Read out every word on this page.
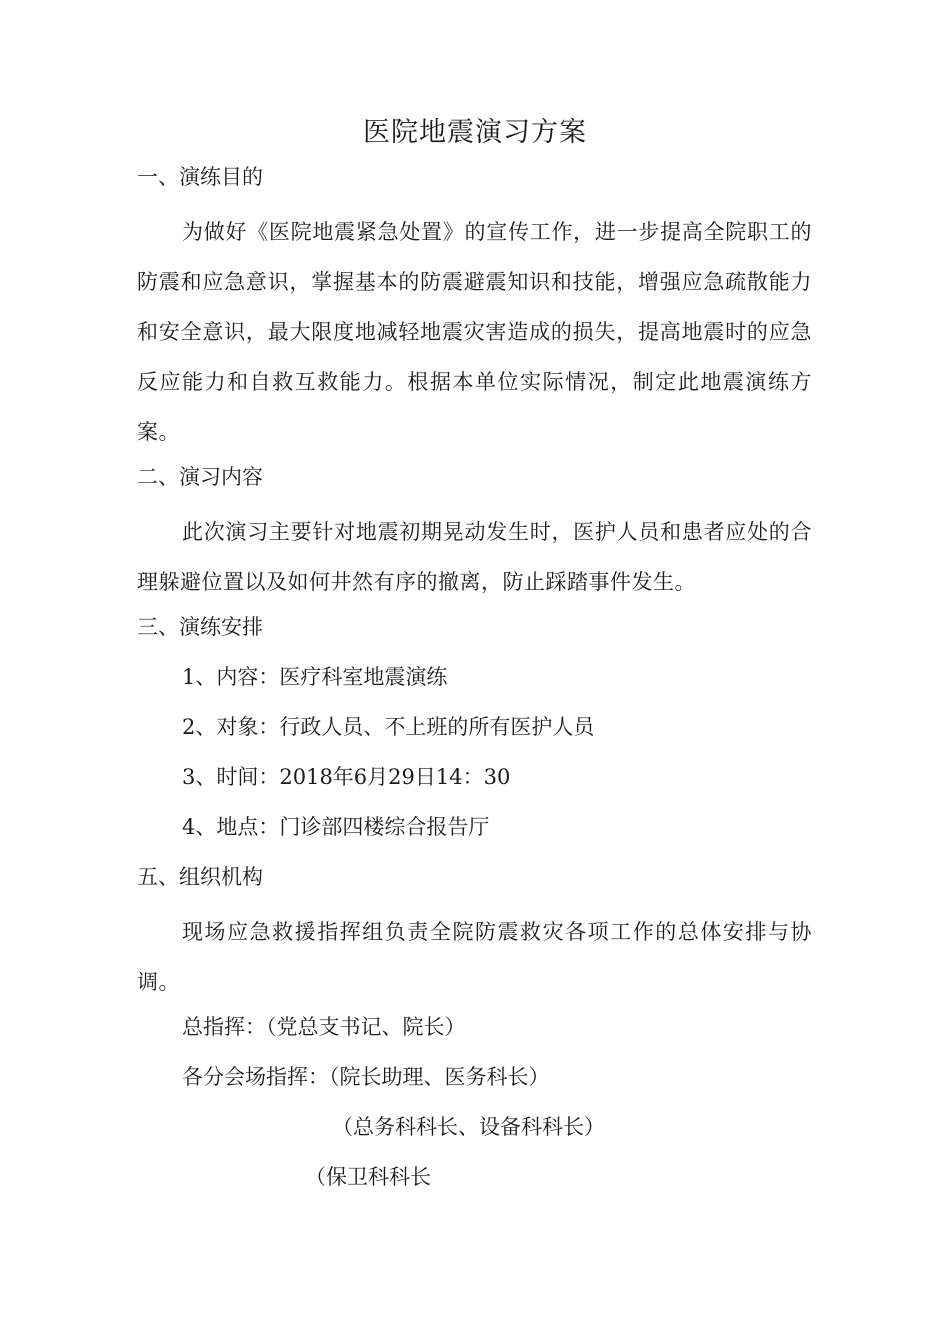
医院地震演习方案
一、演练目的
为做好《医院地震紧急处置》的宣传工作，进一步提高全院职工的防震和应急意识，掌握基本的防震避震知识和技能，增强应急疏散能力和安全意识，最大限度地减轻地震灾害造成的损失，提高地震时的应急反应能力和自救互救能力。根据本单位实际情况，制定此地震演练方案。
二、演习内容
此次演习主要针对地震初期晃动发生时，医护人员和患者应处的合理躲避位置以及如何井然有序的撤离，防止踩踏事件发生。
三、演练安排
1、内容：医疗科室地震演练
2、对象：行政人员、不上班的所有医护人员
3、时间：2018年6月29日14：30
4、地点：门诊部四楼综合报告厅
五、组织机构
现场应急救援指挥组负责全院防震救灾各项工作的总体安排与协调。
总指挥：（党总支书记、院长）
各分会场指挥：（院长助理、医务科长）
（总务科科长、设备科科长）
（保卫科科长
